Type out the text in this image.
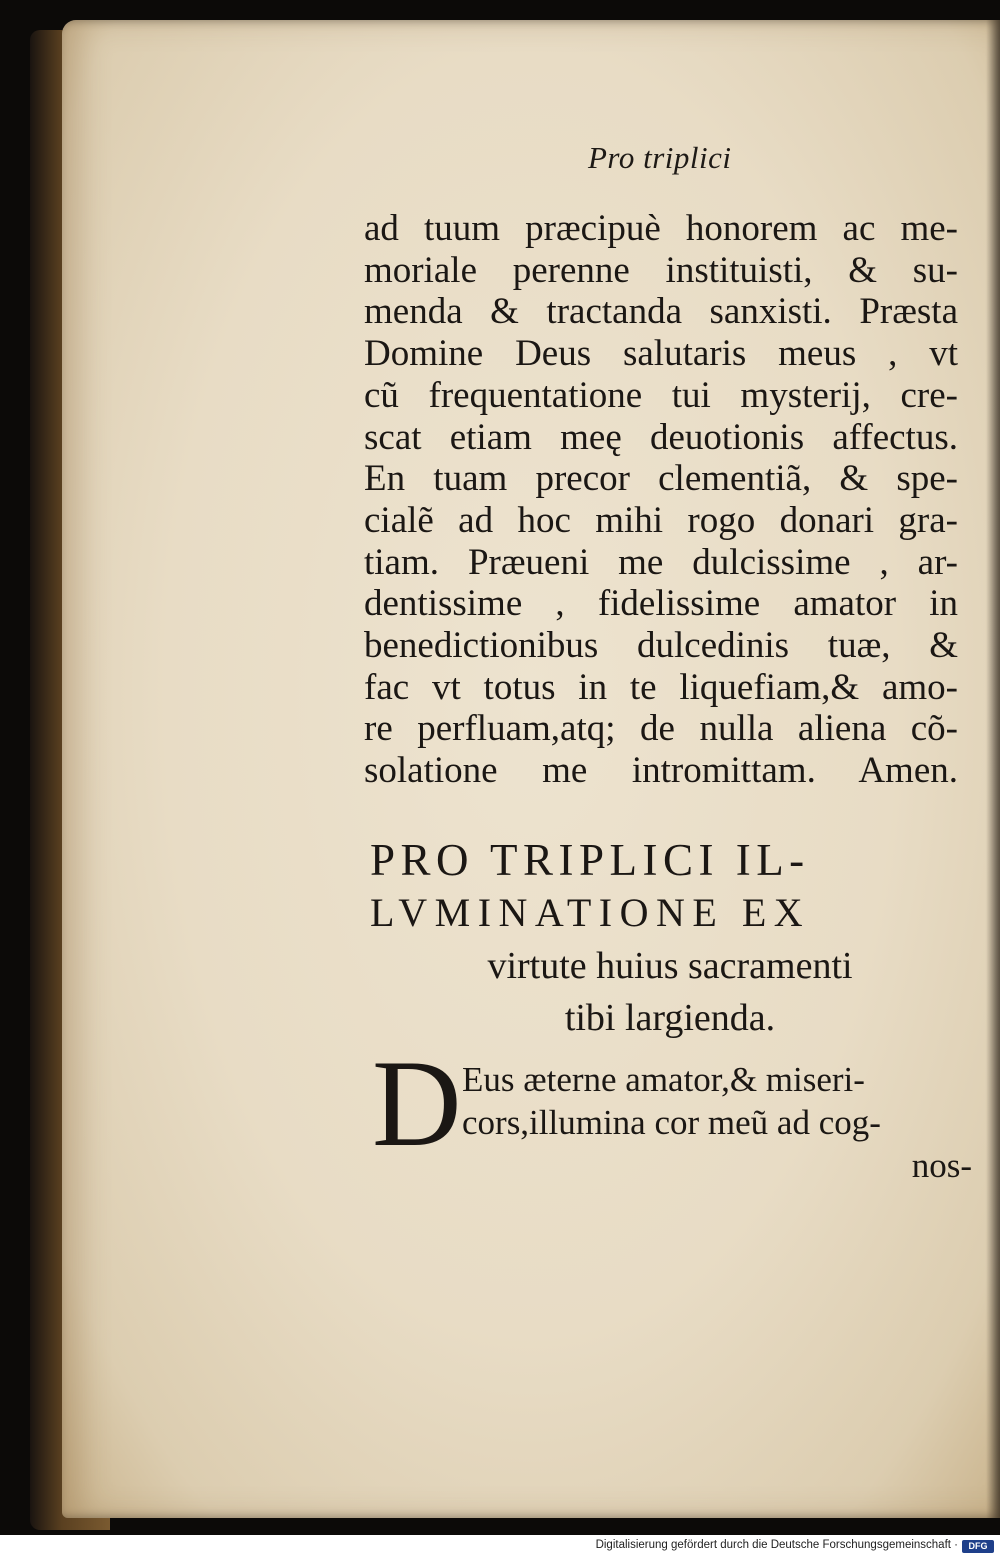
Pro triplici
ad tuum præcipuè honorem ac me-
moriale perenne instituisti, & su-
menda & tractanda sanxisti. Præsta
Domine Deus salutaris meus , vt
cũ frequentatione tui mysterij, cre-
scat etiam meę deuotionis affectus.
En tuam precor clementiã, & spe-
cialẽ ad hoc mihi rogo donari gra-
tiam. Præueni me dulcissime , ar-
dentissime , fidelissime amator in
benedictionibus dulcedinis tuæ, &
fac vt totus in te liquefiam,& amo-
re perfluam,atq; de nulla aliena cõ-
solatione me intromittam. Amen.
PRO TRIPLICI IL-
LVMINATIONE EX
virtute huius sacramenti
tibi largienda.
D Eus æterne amator,& miseri-
cors,illumina cor meũ ad cog-
nos-
Digitalisierung gefördert durch die Deutsche Forschungsgemeinschaft ·	DFG
